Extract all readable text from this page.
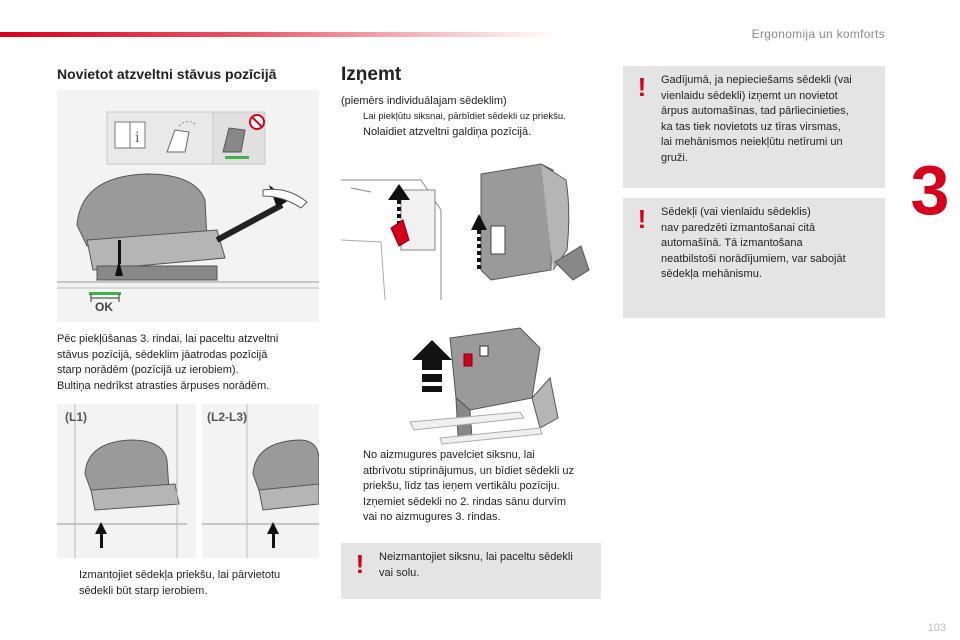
Ergonomija un komforts
3
Novietot atzveltni stāvus pozīcijā
i
OK

Pēc piekļūšanas 3. rindai, lai paceltu atzveltni

stāvus pozīcijā, sēdeklim jāatrodas pozīcijā

starp norādēm (pozīcijā uz ierobiem).

Bultiņa nedrīkst atrasties ārpuses norādēm.

(L1)	(L2-L3)
Izmantojiet sēdekļa priekšu, lai pārvietotu
sēdekli būt starp ierobiem.
Izņemt
(piemērs individuālajam sēdeklim)
Lai piekļūtu siksnai, pārbīdiet sēdekli uz priekšu.
Nolaidiet atzveltni galdiņa pozīcijā.
No aizmugures pavelciet siksnu, lai
atbrīvotu stiprinājumus, un bīdiet sēdekli uz
priekšu, līdz tas ieņem vertikālu pozīciju.
Izņemiet sēdekli no 2. rindas sānu durvīm
vai no aizmugures 3. rindas.
! Neizmantojiet siksnu, lai paceltu sēdekli
vai solu.
! Gadījumā, ja nepieciešams sēdekli (vai
vienlaidu sēdekli) izņemt un novietot
ārpus automašīnas, tad pārliecinieties,
ka tas tiek novietots uz tīras virsmas,
lai mehānismos neiekļūtu netīrumi un
gruži.
! Sēdekļi (vai vienlaidu sēdeklis)
nav paredzēti izmantošanai citā
automašīnā. Tā izmantošana
neatbilstoši norādījumiem, var sabojāt
sēdekļa mehānismu.
103
